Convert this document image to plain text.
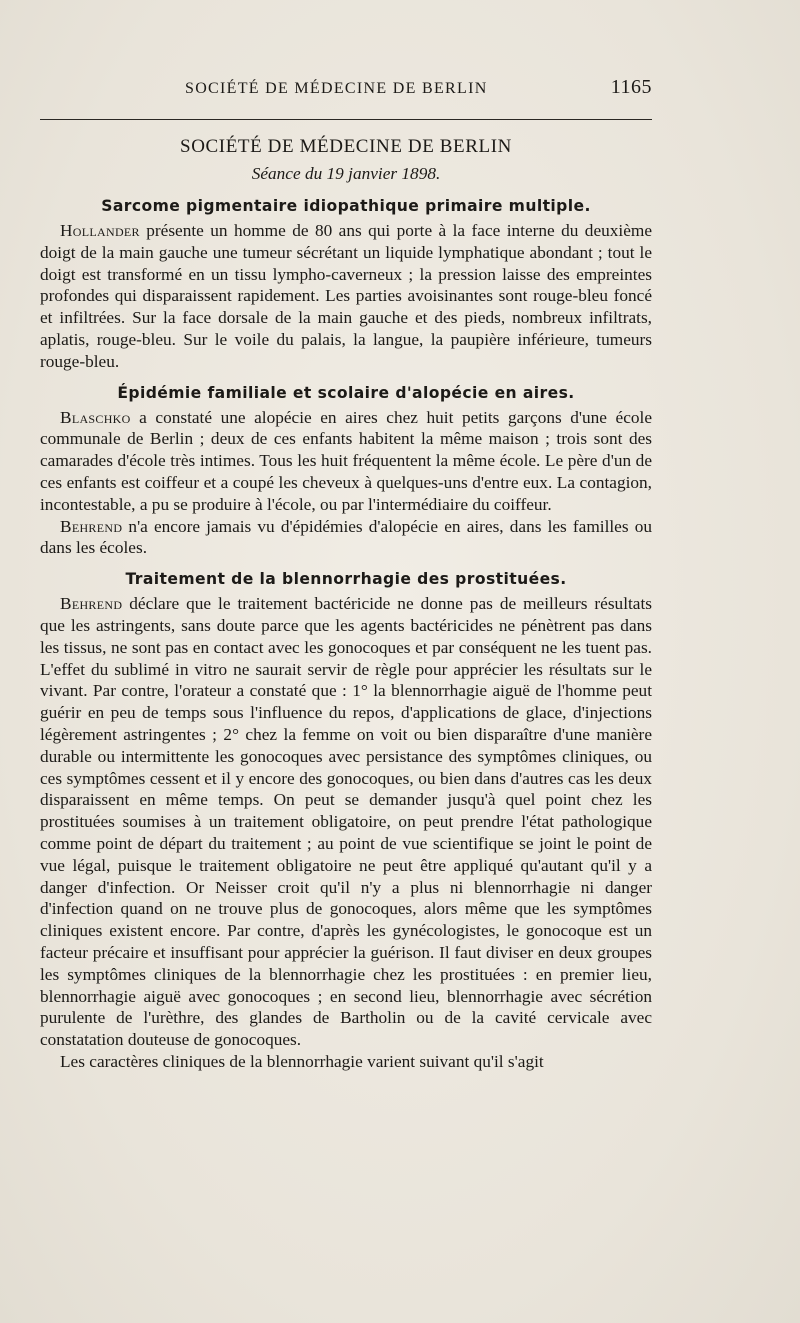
SOCIÉTÉ DE MÉDECINE DE BERLIN	1165

SOCIÉTÉ DE MÉDECINE DE BERLIN

Séance du 19 janvier 1898.

Sarcome pigmentaire idiopathique primaire multiple.

Hollander présente un homme de 80 ans qui porte à la face interne du deuxième doigt de la main gauche une tumeur sécrétant un liquide lymphatique abondant ; tout le doigt est transformé en un tissu lympho-caverneux ; la pression laisse des empreintes profondes qui disparaissent rapidement. Les parties avoisinantes sont rouge-bleu foncé et infiltrées. Sur la face dorsale de la main gauche et des pieds, nombreux infiltrats, aplatis, rouge-bleu. Sur le voile du palais, la langue, la paupière inférieure, tumeurs rouge-bleu.

Épidémie familiale et scolaire d'alopécie en aires.

Blaschko a constaté une alopécie en aires chez huit petits garçons d'une école communale de Berlin ; deux de ces enfants habitent la même maison ; trois sont des camarades d'école très intimes. Tous les huit fréquentent la même école. Le père d'un de ces enfants est coiffeur et a coupé les cheveux à quelques-uns d'entre eux. La contagion, incontestable, a pu se produire à l'école, ou par l'intermédiaire du coiffeur.

Behrend n'a encore jamais vu d'épidémies d'alopécie en aires, dans les familles ou dans les écoles.

Traitement de la blennorrhagie des prostituées.

Behrend déclare que le traitement bactéricide ne donne pas de meilleurs résultats que les astringents, sans doute parce que les agents bactéricides ne pénètrent pas dans les tissus, ne sont pas en contact avec les gonocoques et par conséquent ne les tuent pas. L'effet du sublimé in vitro ne saurait servir de règle pour apprécier les résultats sur le vivant. Par contre, l'orateur a constaté que : 1° la blennorrhagie aiguë de l'homme peut guérir en peu de temps sous l'influence du repos, d'applications de glace, d'injections légèrement astringentes ; 2° chez la femme on voit ou bien disparaître d'une manière durable ou intermittente les gonocoques avec persistance des symptômes cliniques, ou ces symptômes cessent et il y encore des gonocoques, ou bien dans d'autres cas les deux disparaissent en même temps. On peut se demander jusqu'à quel point chez les prostituées soumises à un traitement obligatoire, on peut prendre l'état pathologique comme point de départ du traitement ; au point de vue scientifique se joint le point de vue légal, puisque le traitement obligatoire ne peut être appliqué qu'autant qu'il y a danger d'infection. Or Neisser croit qu'il n'y a plus ni blennorrhagie ni danger d'infection quand on ne trouve plus de gonocoques, alors même que les symptômes cliniques existent encore. Par contre, d'après les gynécologistes, le gonocoque est un facteur précaire et insuffisant pour apprécier la guérison. Il faut diviser en deux groupes les symptômes cliniques de la blennorrhagie chez les prostituées : en premier lieu, blennorrhagie aiguë avec gonocoques ; en second lieu, blennorrhagie avec sécrétion purulente de l'urèthre, des glandes de Bartholin ou de la cavité cervicale avec constatation douteuse de gonocoques.

Les caractères cliniques de la blennorrhagie varient suivant qu'il s'agit
